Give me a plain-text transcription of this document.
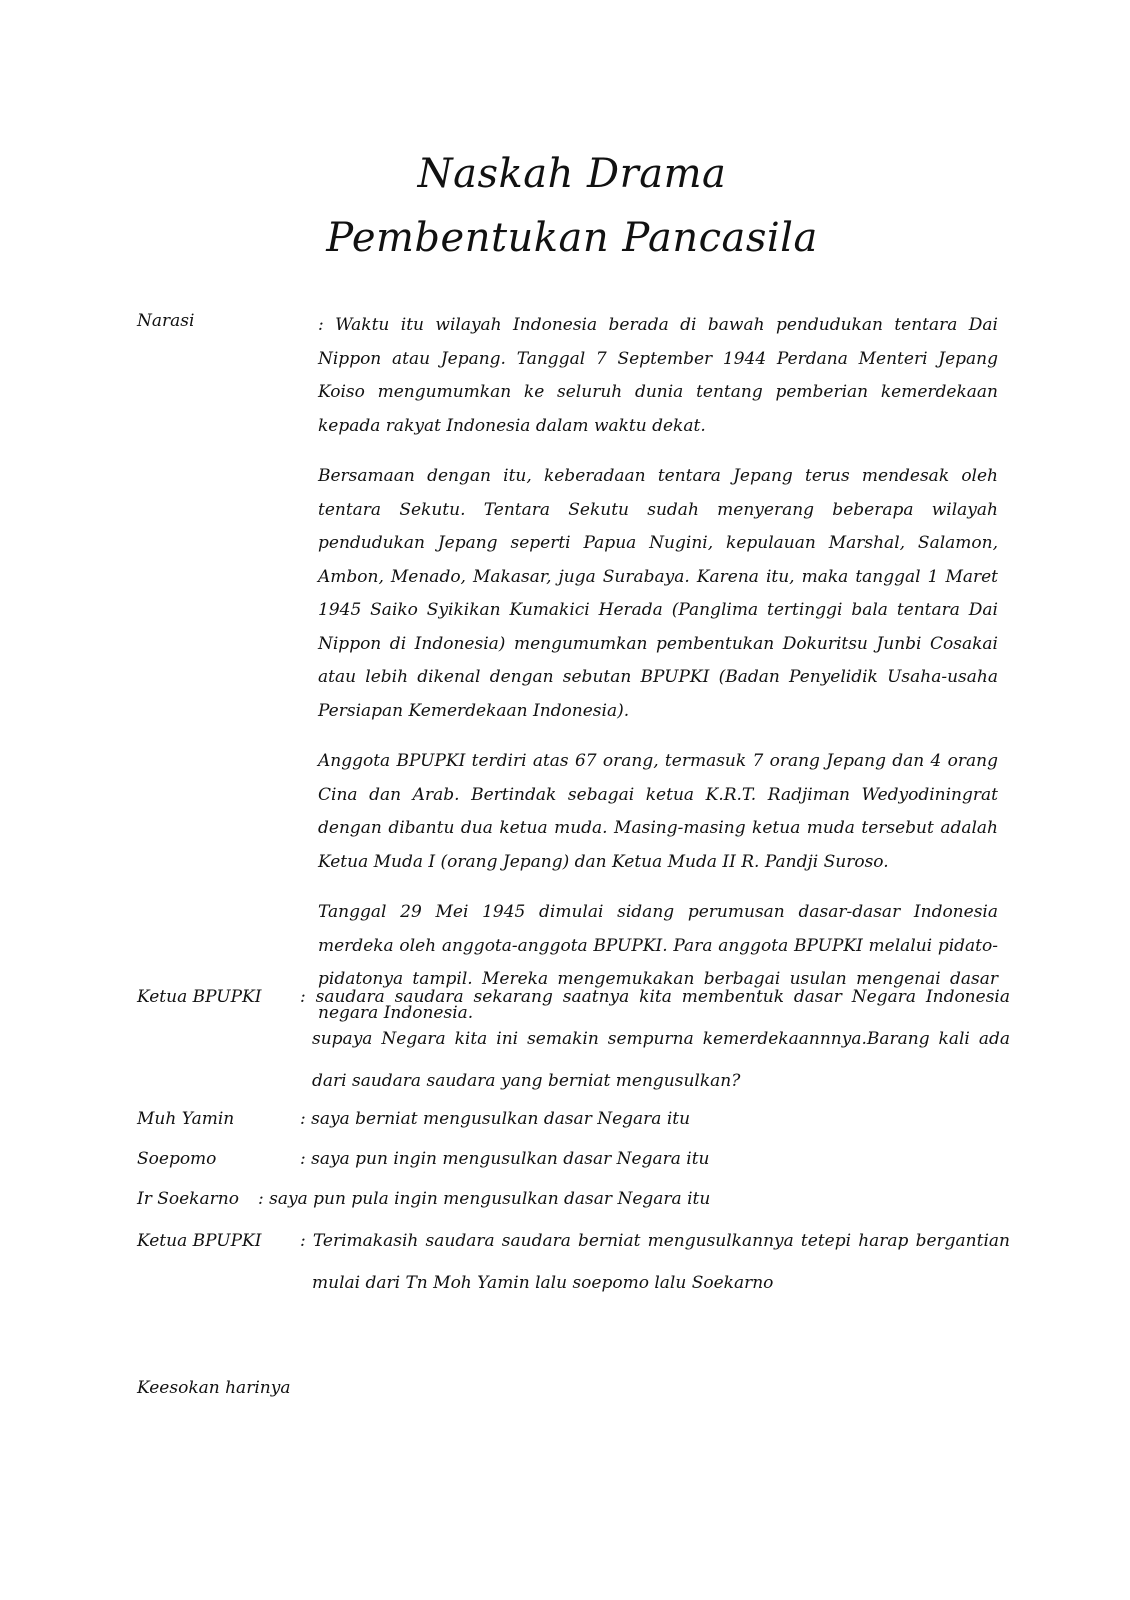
Naskah Drama
Pembentukan Pancasila
Narasi	: Waktu itu wilayah Indonesia berada di bawah pendudukan tentara Dai Nippon atau Jepang. Tanggal 7 September 1944 Perdana Menteri Jepang Koiso mengumumkan ke seluruh dunia tentang pemberian kemerdekaan kepada rakyat Indonesia dalam waktu dekat.

Bersamaan dengan itu, keberadaan tentara Jepang terus mendesak oleh tentara Sekutu. Tentara Sekutu sudah menyerang beberapa wilayah pendudukan Jepang seperti Papua Nugini, kepulauan Marshal, Salamon, Ambon, Menado, Makasar, juga Surabaya. Karena itu, maka tanggal 1 Maret 1945 Saiko Syikikan Kumakici Herada (Panglima tertinggi bala tentara Dai Nippon di Indonesia) mengumumkan pembentukan Dokuritsu Junbi Cosakai atau lebih dikenal dengan sebutan BPUPKI (Badan Penyelidik Usaha-usaha Persiapan Kemerdekaan Indonesia).

Anggota BPUPKI terdiri atas 67 orang, termasuk 7 orang Jepang dan 4 orang Cina dan Arab. Bertindak sebagai ketua K.R.T. Radjiman Wedyodiningrat dengan dibantu dua ketua muda. Masing-masing ketua muda tersebut adalah Ketua Muda I (orang Jepang) dan Ketua Muda II R. Pandji Suroso.

Tanggal 29 Mei 1945 dimulai sidang perumusan dasar-dasar Indonesia merdeka oleh anggota-anggota BPUPKI. Para anggota BPUPKI melalui pidato-pidatonya tampil. Mereka mengemukakan berbagai usulan mengenai dasar negara Indonesia.

Ketua BPUPKI : saudara saudara sekarang saatnya kita membentuk dasar Negara Indonesia supaya Negara kita ini semakin sempurna kemerdekaannnya.Barang kali ada dari saudara saudara yang berniat mengusulkan?
Muh Yamin	: saya berniat mengusulkan dasar Negara itu
Soepomo	: saya pun ingin mengusulkan dasar Negara itu
Ir Soekarno : saya pun pula ingin mengusulkan dasar Negara itu
Ketua BPUPKI : Terimakasih saudara saudara berniat mengusulkannya tetepi harap bergantian mulai dari Tn Moh Yamin lalu soepomo lalu Soekarno
Keesokan harinya
